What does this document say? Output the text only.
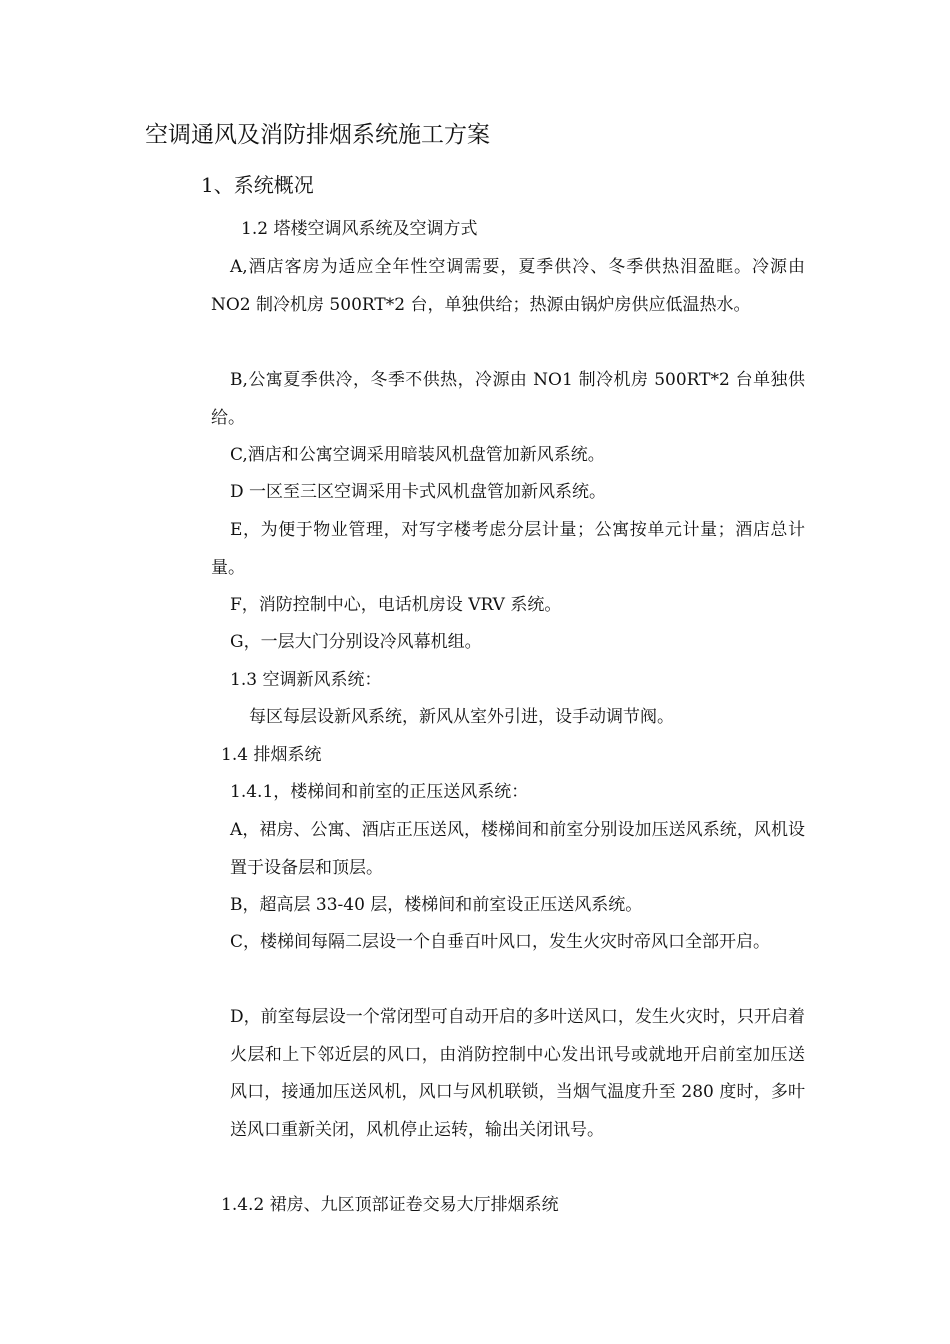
空调通风及消防排烟系统施工方案
1、系统概况

1.2 塔楼空调风系统及空调方式

A,酒店客房为适应全年性空调需要，夏季供冷、冬季供热泪盈眶。冷源由 NO2 制冷机房 500RT*2 台，单独供给；热源由锅炉房供应低温热水。

B,公寓夏季供冷，冬季不供热，冷源由 NO1 制冷机房 500RT*2 台单独供给。

C,酒店和公寓空调采用暗装风机盘管加新风系统。

D 一区至三区空调采用卡式风机盘管加新风系统。

E，为便于物业管理，对写字楼考虑分层计量；公寓按单元计量；酒店总计量。

F，消防控制中心，电话机房设 VRV 系统。

G，一层大门分别设冷风幕机组。

1.3 空调新风系统：

每区每层设新风系统，新风从室外引进，设手动调节阀。

1.4 排烟系统

1.4.1，楼梯间和前室的正压送风系统：

A，裙房、公寓、酒店正压送风，楼梯间和前室分别设加压送风系统，风机设置于设备层和顶层。

B，超高层 33-40 层，楼梯间和前室设正压送风系统。

C，楼梯间每隔二层设一个自垂百叶风口，发生火灾时帝风口全部开启。

D，前室每层设一个常闭型可自动开启的多叶送风口，发生火灾时，只开启着火层和上下邻近层的风口，由消防控制中心发出讯号或就地开启前室加压送风口，接通加压送风机，风口与风机联锁，当烟气温度升至 280 度时，多叶送风口重新关闭，风机停止运转，输出关闭讯号。

1.4.2 裙房、九区顶部证卷交易大厅排烟系统
